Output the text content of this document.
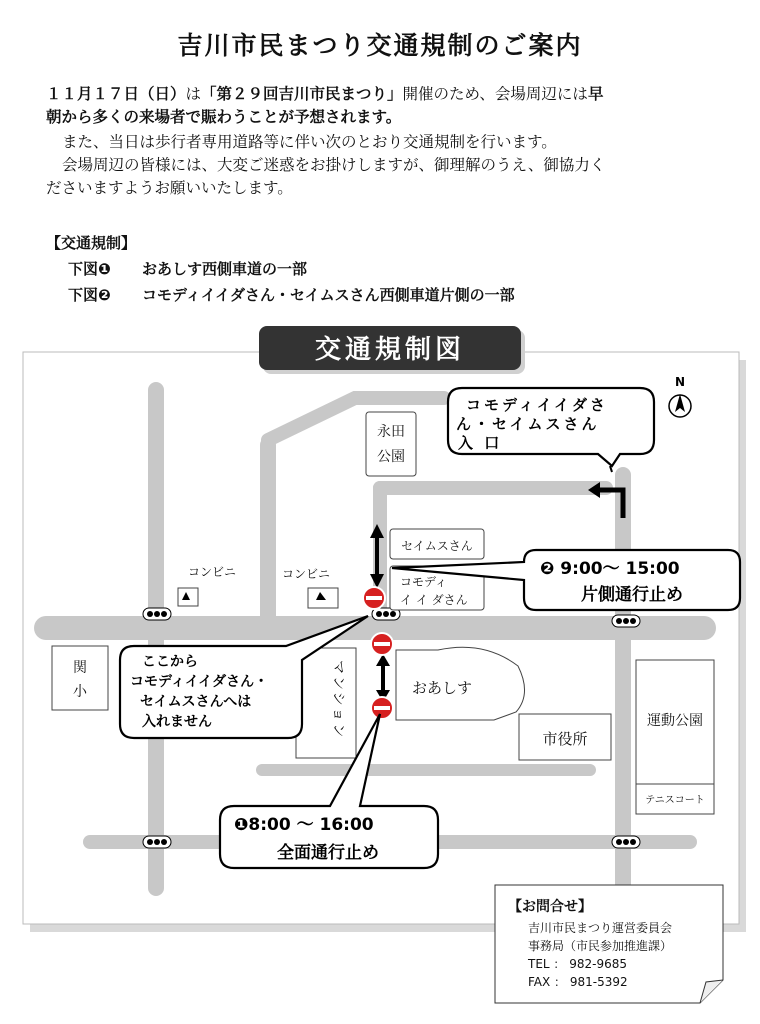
吉川市民まつり交通規制のご案内
１１月１７日（日）は「第２９回吉川市民まつり」開催のため、会場周辺には早
朝から多くの来場者で賑わうことが予想されます。
また、当日は歩行者専用道路等に伴い次のとおり交通規制を行います。
会場周辺の皆様には、大変ご迷惑をお掛けしますが、御理解のうえ、御協力く
ださいますようお願いいたします。
【交通規制】
下図❶ おあしす西側車道の一部
下図❷ コモディイイダさん・セイムスさん西側車道片側の一部
交通規制図
N
コモディイイダさ
ん・セイムスさん
入 口
永田
公園
セイムスさん
コモディ
イ イ ダさん
コンビニ	コンビニ
関
小	マンション	おあしす
市役所
運動公園
テニスコート
❷ 9:00～ 15:00
片側通行止め
ここから
コモディイイダさん・
セイムスさんへは
入れません
❶8:00 ～ 16:00
全面通行止め
【お問合せ】
吉川市民まつり運営委員会
事務局（市民参加推進課）
TEL ： 982-9685
FAX ： 981-5392
